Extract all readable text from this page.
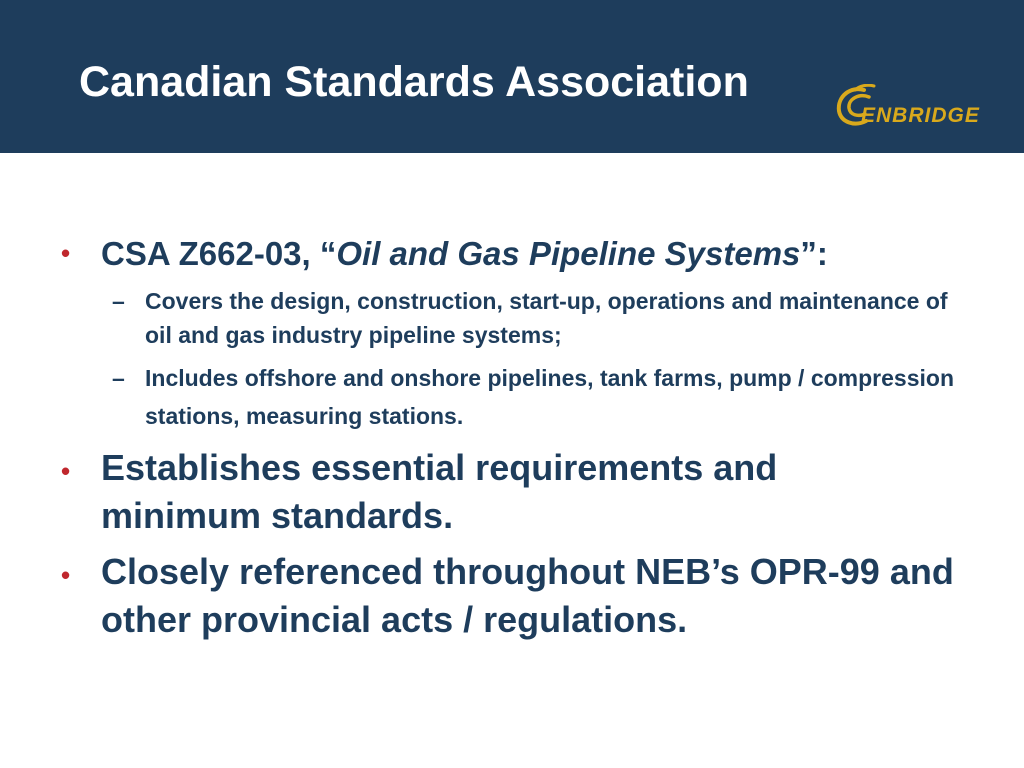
Canadian Standards Association
ENBRIDGE
• CSA Z662-03, “Oil and Gas Pipeline Systems”:

– Covers the design, construction, start-up, operations and maintenance of oil and gas industry pipeline systems;

– Includes offshore and onshore pipelines, tank farms, pump / compression stations, measuring stations.

• Establishes essential requirements and minimum standards.

• Closely referenced throughout NEB’s OPR-99 and other provincial acts / regulations.
